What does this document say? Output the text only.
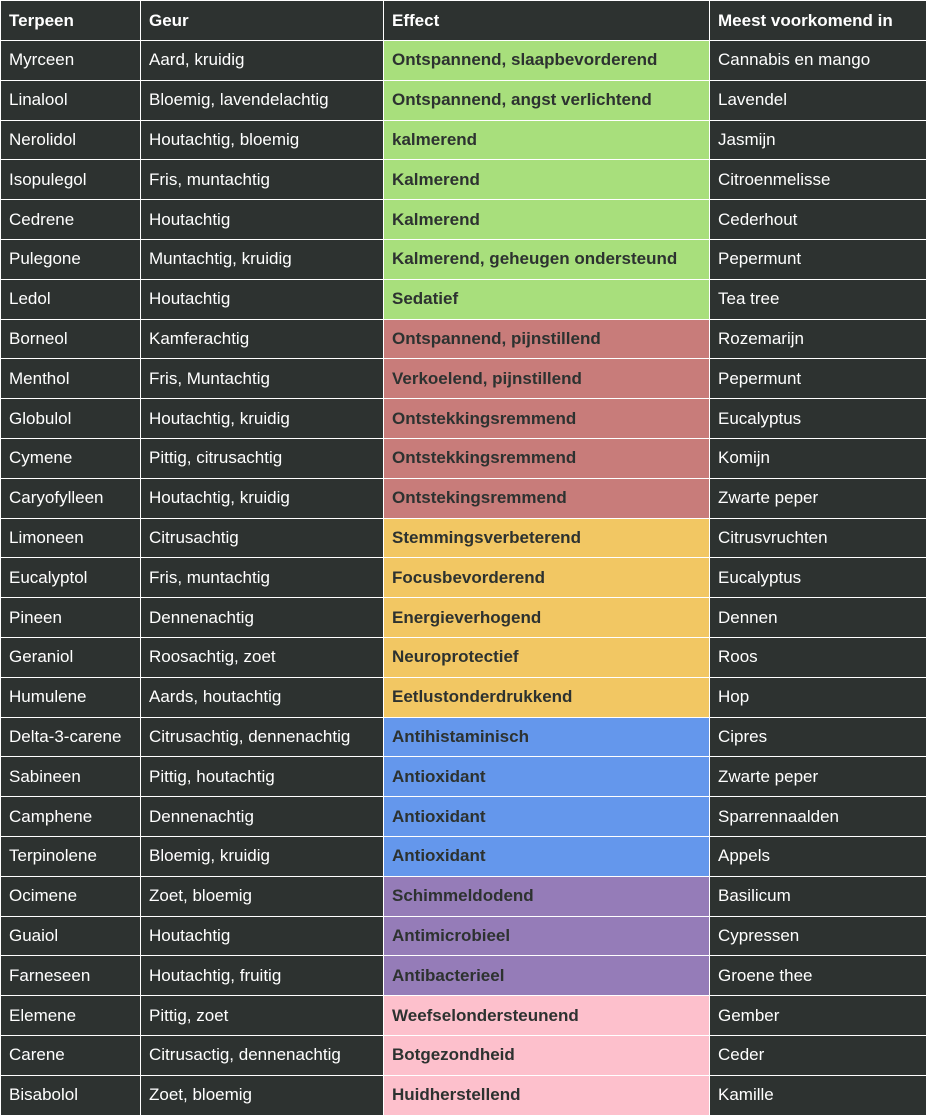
Terpeen	Geur	Effect	Meest voorkomend in
Myrceen	Aard, kruidig	Ontspannend, slaapbevorderend	Cannabis en mango
Linalool	Bloemig, lavendelachtig	Ontspannend, angst verlichtend	Lavendel
Nerolidol	Houtachtig, bloemig	kalmerend	Jasmijn
Isopulegol	Fris, muntachtig	Kalmerend	Citroenmelisse
Cedrene	Houtachtig	Kalmerend	Cederhout
Pulegone	Muntachtig, kruidig	Kalmerend, geheugen ondersteund	Pepermunt
Ledol	Houtachtig	Sedatief	Tea tree
Borneol	Kamferachtig	Ontspannend, pijnstillend	Rozemarijn
Menthol	Fris, Muntachtig	Verkoelend, pijnstillend	Pepermunt
Globulol	Houtachtig, kruidig	Ontstekkingsremmend	Eucalyptus
Cymene	Pittig, citrusachtig	Ontstekkingsremmend	Komijn
Caryofylleen	Houtachtig, kruidig	Ontstekingsremmend	Zwarte peper
Limoneen	Citrusachtig	Stemmingsverbeterend	Citrusvruchten
Eucalyptol	Fris, muntachtig	Focusbevorderend	Eucalyptus
Pineen	Dennenachtig	Energieverhogend	Dennen
Geraniol	Roosachtig, zoet	Neuroprotectief	Roos
Humulene	Aards, houtachtig	Eetlustonderdrukkend	Hop
Delta-3-carene	Citrusachtig, dennenachtig	Antihistaminisch	Cipres
Sabineen	Pittig, houtachtig	Antioxidant	Zwarte peper
Camphene	Dennenachtig	Antioxidant	Sparrennaalden
Terpinolene	Bloemig, kruidig	Antioxidant	Appels
Ocimene	Zoet, bloemig	Schimmeldodend	Basilicum
Guaiol	Houtachtig	Antimicrobieel	Cypressen
Farneseen	Houtachtig, fruitig	Antibacterieel	Groene thee
Elemene	Pittig, zoet	Weefselondersteunend	Gember
Carene	Citrusactig, dennenachtig	Botgezondheid	Ceder
Bisabolol	Zoet, bloemig	Huidherstellend	Kamille
